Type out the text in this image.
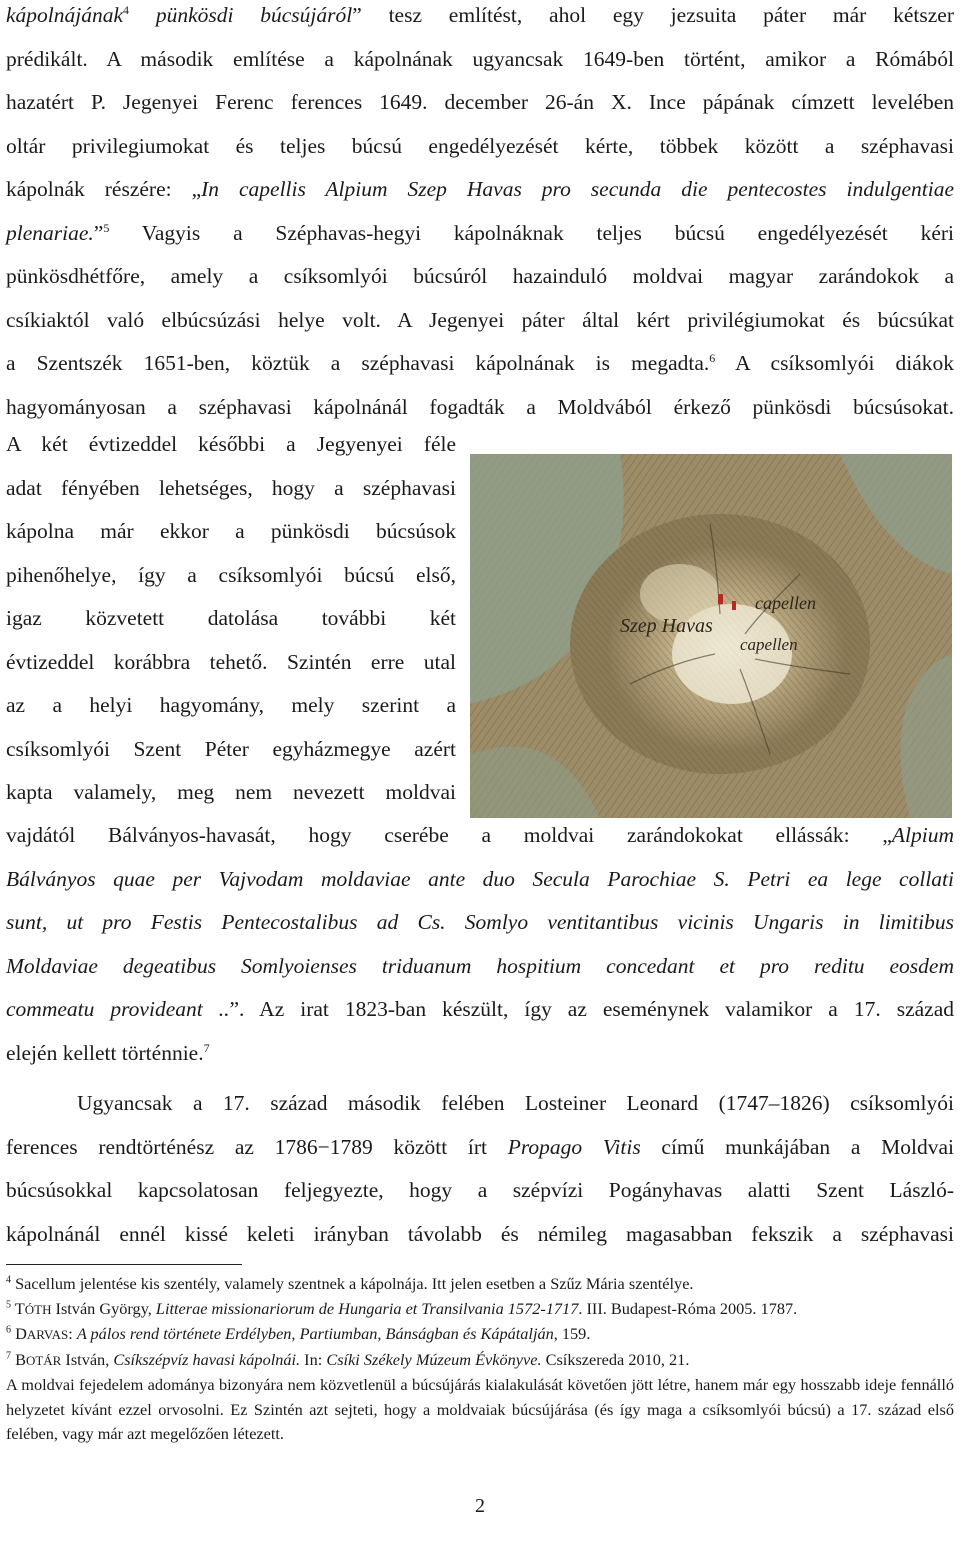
kápolnájának$^4$ pünkösdi búcsújáról” tesz említést, ahol egy jezsuita páter már kétszer
prédikált. A második említése a kápolnának ugyancsak 1649-ben történt, amikor a Rómából
hazatért P. Jegenyei Ferenc ferences 1649. december 26-án X. Ince pápának címzett levelében
oltár privilegiumokat és teljes búcsú engedélyezését kérte, többek között a széphavasi
kápolnák részére: „In capellis Alpium Szep Havas pro secunda die pentecostes indulgentiae
plenariae.”$^5$ Vagyis a Széphavas-hegyi kápolnáknak teljes búcsú engedélyezését kéri
pünkösdhétfőre, amely a csíksomlyói búcsúról hazainduló moldvai magyar zarándokok a
csíkiaktól való elbúcsúzási helye volt. A Jegenyei páter által kért privilégiumokat és búcsúkat
a Szentszék 1651-ben, köztük a széphavasi kápolnának is megadta.$^6$ A csíksomlyói diákok
hagyományosan a széphavasi kápolnánál fogadták a Moldvából érkező pünkösdi búcsúsokat.

A két évtizeddel későbbi a Jegyenyei féle
adat fényében lehetséges, hogy a széphavasi
kápolna már ekkor a pünkösdi búcsúsok
pihenőhelye, így a csíksomlyói búcsú első,
igaz közvetett datolása további két
évtizeddel korábbra tehető. Szintén erre utal
az a helyi hagyomány, mely szerint a
csíksomlyói Szent Péter egyházmegye azért
kapta valamely, meg nem nevezett moldvai

Szep Havas
capellen
capellen

vajdától Bálványos-havasát, hogy cserébe a moldvai zarándokokat ellássák: „Alpium
Bálványos quae per Vajvodam moldaviae ante duo Secula Parochiae S. Petri ea lege collati
sunt, ut pro Festis Pentecostalibus ad Cs. Somlyo ventitantibus vicinis Ungaris in limitibus
Moldaviae degeatibus Somlyoienses triduanum hospitium concedant et pro reditu eosdem
commeatu provideant ..”. Az irat 1823-ban készült, így az eseménynek valamikor a 17. század
elején kellett történnie.$^7$

Ugyancsak a 17. század második felében Losteiner Leonard (1747–1826) csíksomlyói
ferences rendtörténész az 1786−1789 között írt Propago Vitis című munkájában a Moldvai
búcsúsokkal kapcsolatosan feljegyezte, hogy a szépvízi Pogányhavas alatti Szent László-
kápolnánál ennél kissé keleti irányban távolabb és némileg magasabban fekszik a széphavasi

$^4$ Sacellum jelentése kis szentély, valamely szentnek a kápolnája. Itt jelen esetben a Szűz Mária szentélye.

$^5$ TÓTH István György, Litterae missionariorum de Hungaria et Transilvania 1572-1717. III. Budapest-Róma 2005. 1787.

$^6$ DARVAS: A pálos rend története Erdélyben, Partiumban, Bánságban és Kápátalján, 159.

$^7$ BOTÁR István, Csíkszépvíz havasi kápolnái. In: Csíki Székely Múzeum Évkönyve. Csíkszereda 2010, 21.

A moldvai fejedelem adománya bizonyára nem közvetlenül a búcsújárás kialakulását követően jött létre, hanem már egy hosszabb ideje fennálló helyzetet kívánt ezzel orvosolni. Ez Szintén azt sejteti, hogy a moldvaiak búcsújárása (és így maga a csíksomlyói búcsú) a 17. század első felében, vagy már azt megelőzően létezett.

2
